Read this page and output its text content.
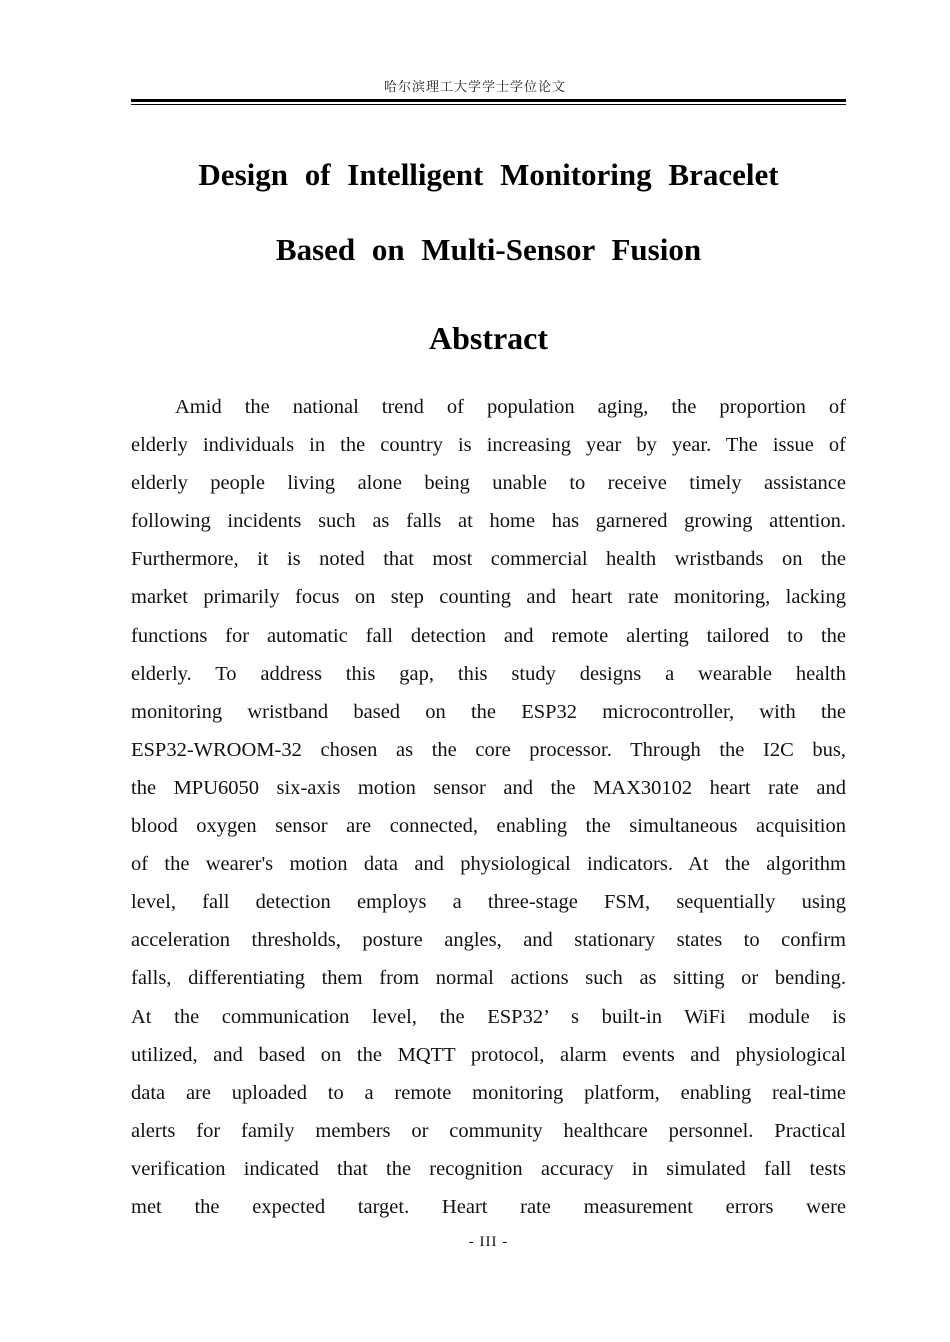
哈尔滨理工大学学士学位论文
Design of Intelligent Monitoring Bracelet
Based on Multi-Sensor Fusion
Abstract
Amid the national trend of population aging, the proportion of
elderly individuals in the country is increasing year by year. The issue of
elderly people living alone being unable to receive timely assistance
following incidents such as falls at home has garnered growing attention.
Furthermore, it is noted that most commercial health wristbands on the
market primarily focus on step counting and heart rate monitoring, lacking
functions for automatic fall detection and remote alerting tailored to the
elderly. To address this gap, this study designs a wearable health
monitoring wristband based on the ESP32 microcontroller, with the
ESP32-WROOM-32 chosen as the core processor. Through the I2C bus,
the MPU6050 six-axis motion sensor and the MAX30102 heart rate and
blood oxygen sensor are connected, enabling the simultaneous acquisition
of the wearer's motion data and physiological indicators. At the algorithm
level, fall detection employs a three-stage FSM, sequentially using
acceleration thresholds, posture angles, and stationary states to confirm
falls, differentiating them from normal actions such as sitting or bending.
At the communication level, the ESP32’ s built-in WiFi module is
utilized, and based on the MQTT protocol, alarm events and physiological
data are uploaded to a remote monitoring platform, enabling real-time
alerts for family members or community healthcare personnel. Practical
verification indicated that the recognition accuracy in simulated fall tests
met the expected target. Heart rate measurement errors were
- III -
